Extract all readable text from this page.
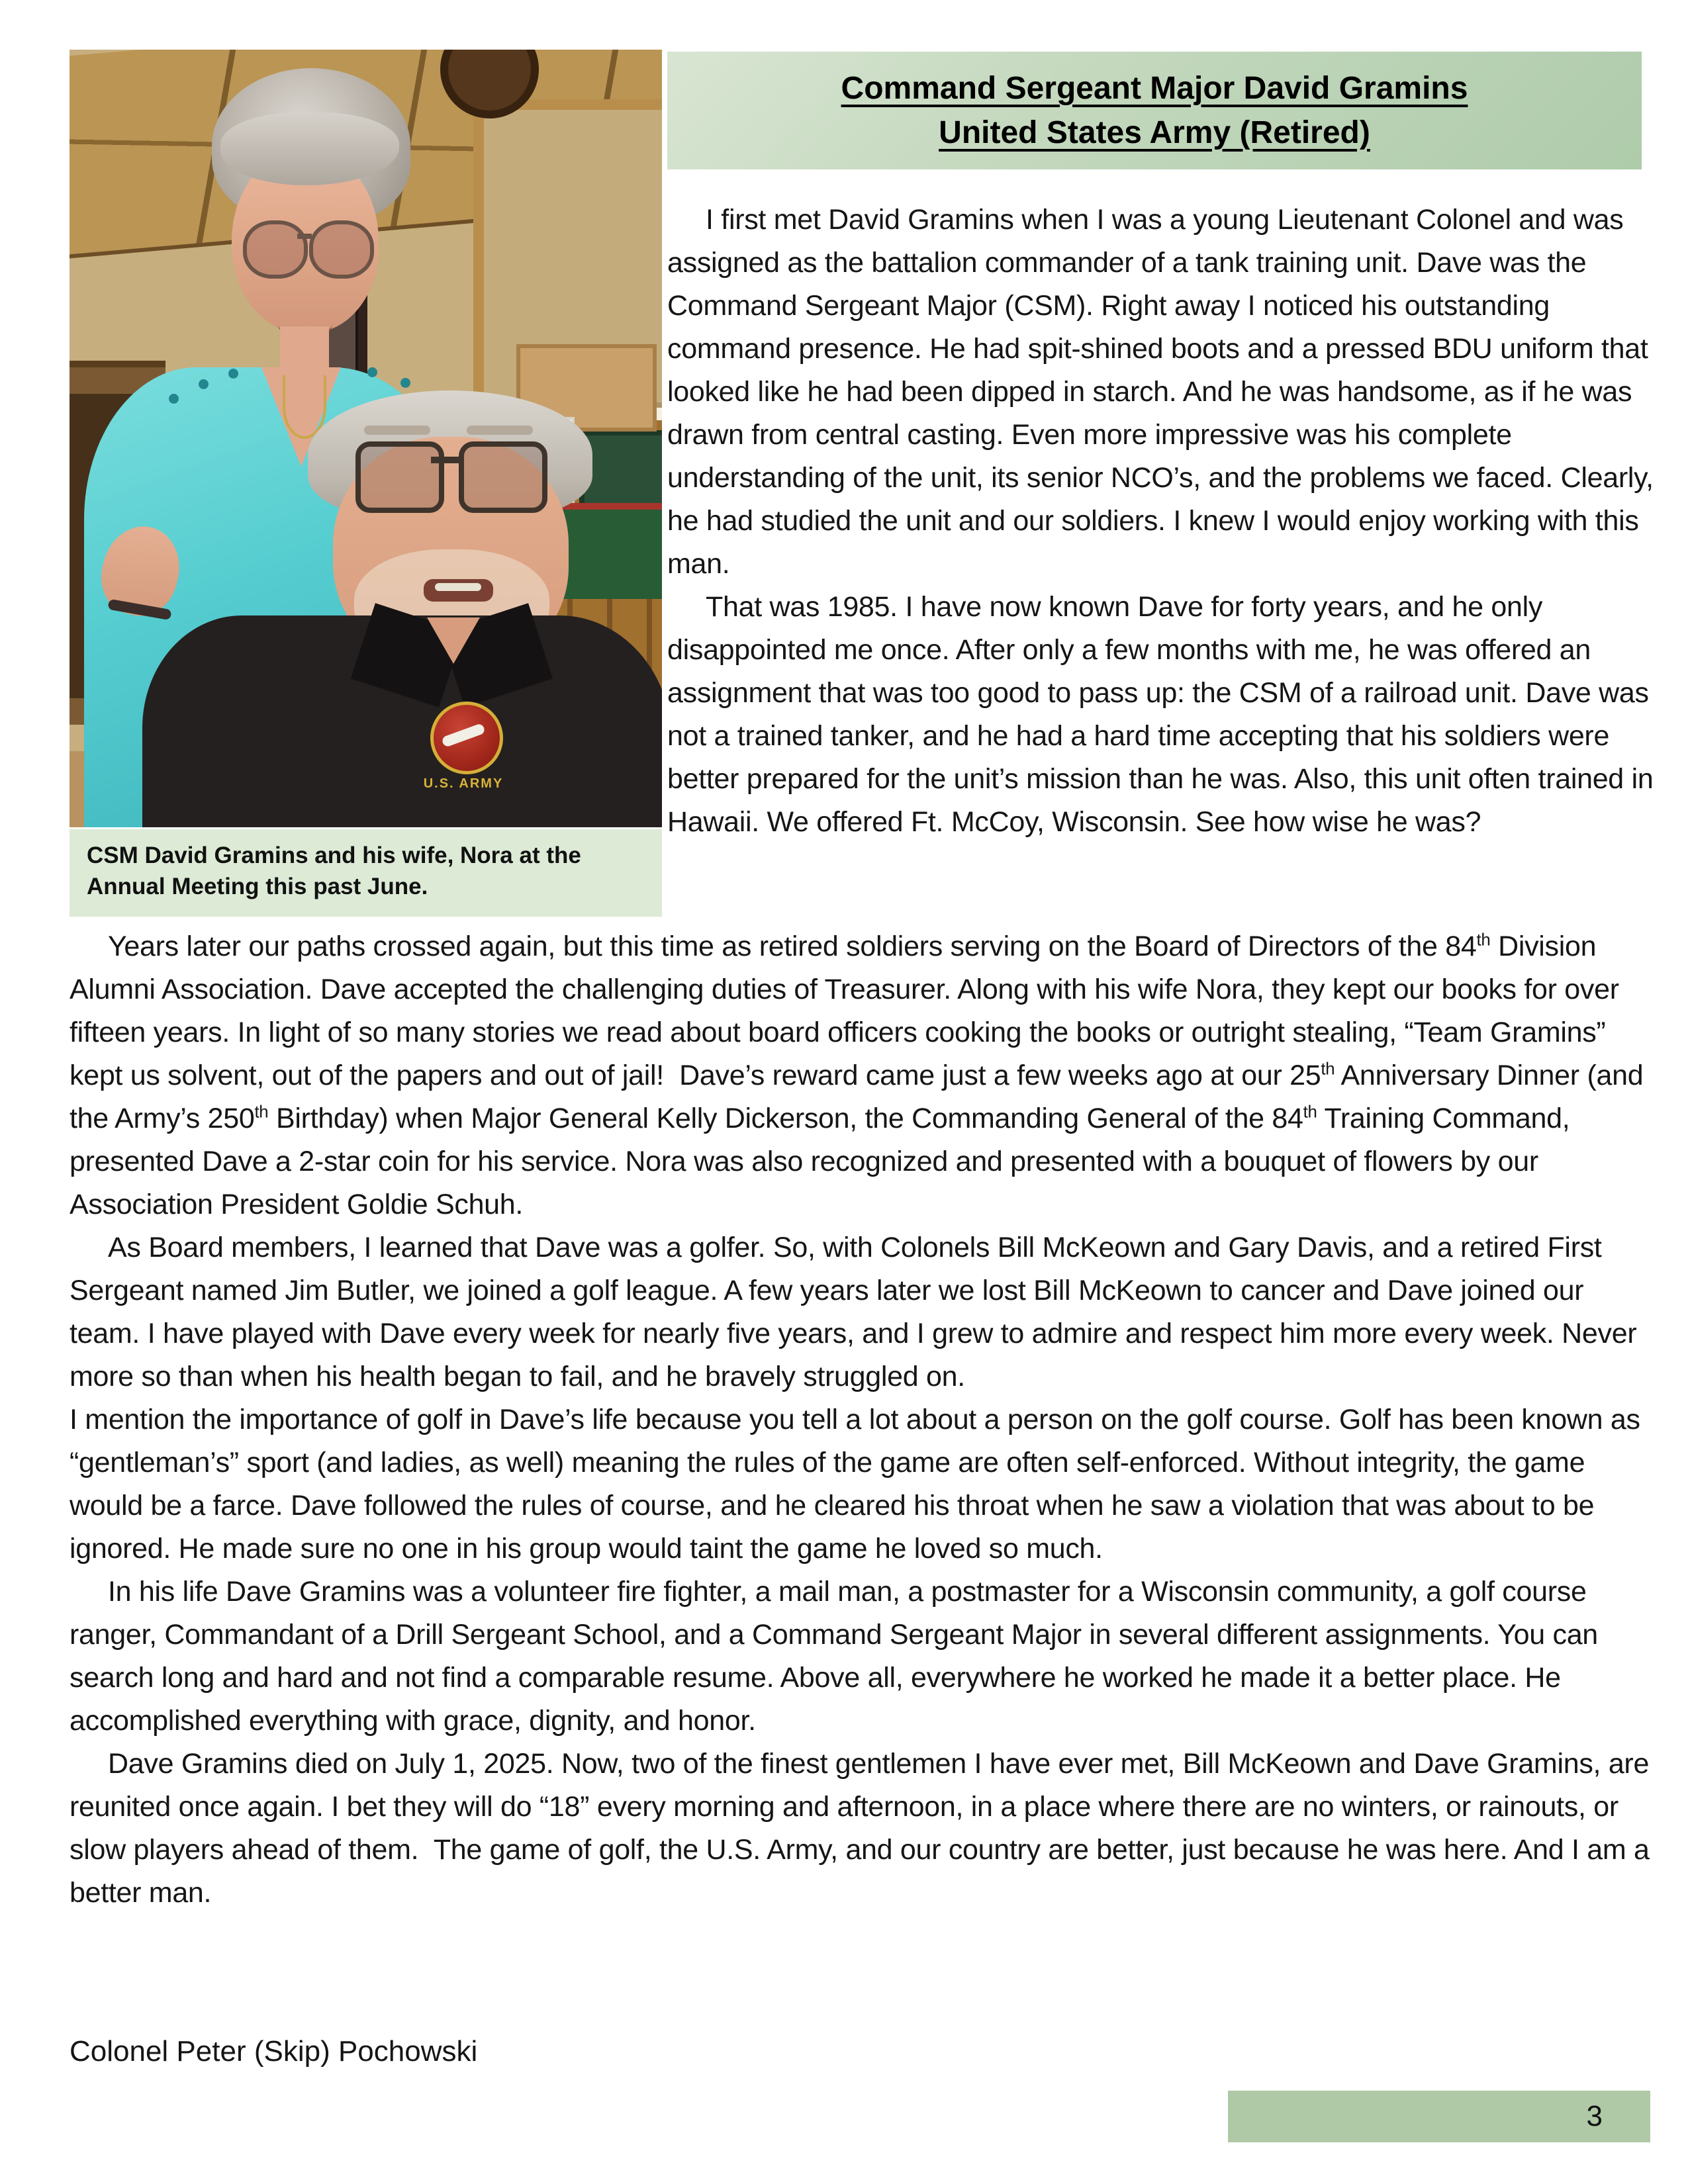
U.S. ARMY
CSM David Gramins and his wife, Nora at the Annual Meeting this past June.
Command Sergeant Major David Gramins
United States Army (Retired)

I first met David Gramins when I was a young Lieutenant Colonel and was assigned as the battalion commander of a tank training unit. Dave was the Command Sergeant Major (CSM). Right away I noticed his outstanding command presence. He had spit-shined boots and a pressed BDU uniform that looked like he had been dipped in starch. And he was handsome, as if he was drawn from central casting. Even more impressive was his complete understanding of the unit, its senior NCO’s, and the problems we faced. Clearly, he had studied the unit and our soldiers. I knew I would enjoy working with this man.

That was 1985. I have now known Dave for forty years, and he only disappointed me once. After only a few months with me, he was offered an assignment that was too good to pass up: the CSM of a railroad unit. Dave was not a trained tanker, and he had a hard time accepting that his soldiers were better prepared for the unit’s mission than he was. Also, this unit often trained in Hawaii. We offered Ft. McCoy, Wisconsin. See how wise he was?

Years later our paths crossed again, but this time as retired soldiers serving on the Board of Directors of the 84th Division Alumni Association. Dave accepted the challenging duties of Treasurer. Along with his wife Nora, they kept our books for over fifteen years. In light of so many stories we read about board officers cooking the books or outright stealing, “Team Gramins” kept us solvent, out of the papers and out of jail!  Dave’s reward came just a few weeks ago at our 25th Anniversary Dinner (and the Army’s 250th Birthday) when Major General Kelly Dickerson, the Commanding General of the 84th Training Command, presented Dave a 2-star coin for his service. Nora was also recognized and presented with a bouquet of flowers by our Association President Goldie Schuh.

As Board members, I learned that Dave was a golfer. So, with Colonels Bill McKeown and Gary Davis, and a retired First Sergeant named Jim Butler, we joined a golf league. A few years later we lost Bill McKeown to cancer and Dave joined our team. I have played with Dave every week for nearly five years, and I grew to admire and respect him more every week. Never more so than when his health began to fail, and he bravely struggled on.

I mention the importance of golf in Dave’s life because you tell a lot about a person on the golf course. Golf has been known as “gentleman’s” sport (and ladies, as well) meaning the rules of the game are often self-enforced. Without integrity, the game would be a farce. Dave followed the rules of course, and he cleared his throat when he saw a violation that was about to be ignored. He made sure no one in his group would taint the game he loved so much.

In his life Dave Gramins was a volunteer fire fighter, a mail man, a postmaster for a Wisconsin community, a golf course ranger, Commandant of a Drill Sergeant School, and a Command Sergeant Major in several different assignments. You can search long and hard and not find a comparable resume. Above all, everywhere he worked he made it a better place. He accomplished everything with grace, dignity, and honor.

Dave Gramins died on July 1, 2025. Now, two of the finest gentlemen I have ever met, Bill McKeown and Dave Gramins, are reunited once again. I bet they will do “18” every morning and afternoon, in a place where there are no winters, or rainouts, or slow players ahead of them.  The game of golf, the U.S. Army, and our country are better, just because he was here. And I am a better man.

Colonel Peter (Skip) Pochowski
3
